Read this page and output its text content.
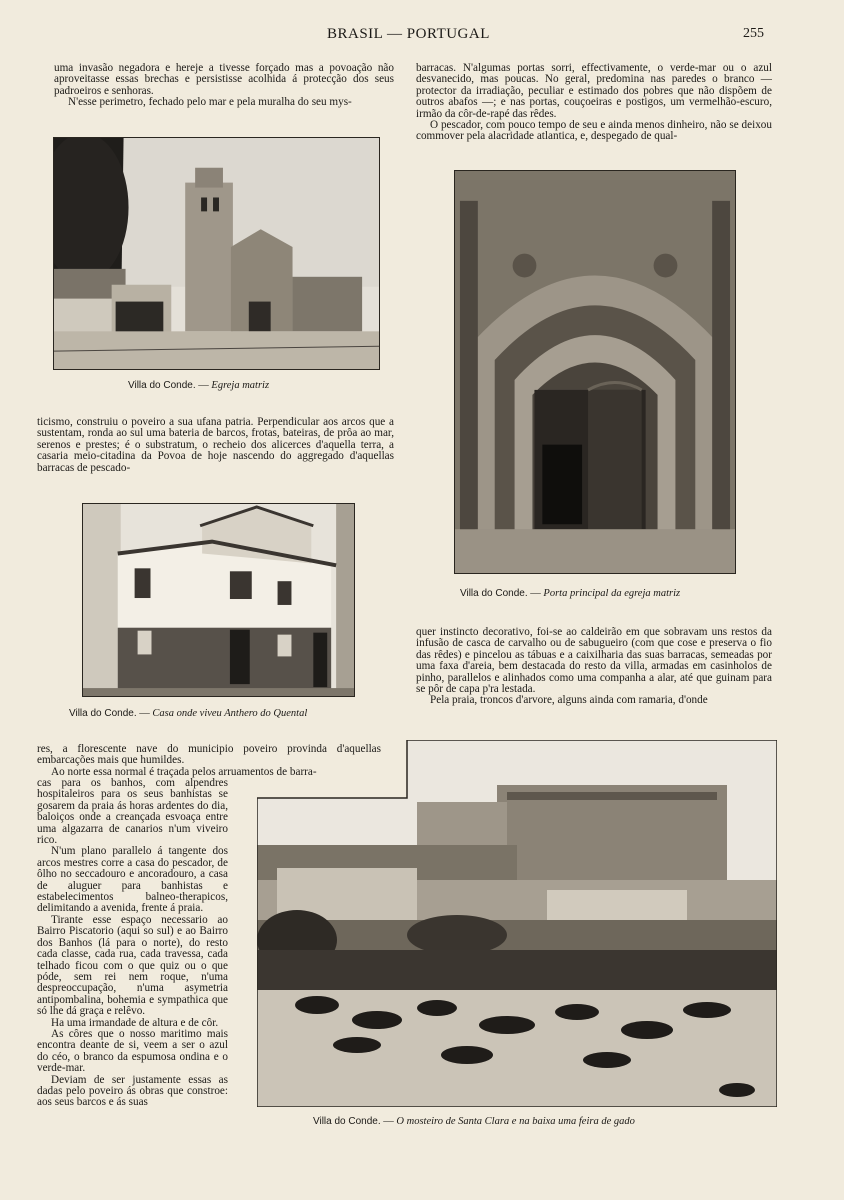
BRASIL — PORTUGAL	255

uma invasão negadora e hereje a tivesse forçado mas a povoação não aproveitasse essas brechas e persistisse acolhida á protecção dos seus padroeiros e senhoras.

N'esse perimetro, fechado pelo mar e pela muralha do seu mys-

Villa do Conde. — Egreja matriz

ticismo, construiu o poveiro a sua ufana patria. Perpendicular aos arcos que a sustentam, ronda ao sul uma bateria de barcos, frotas, bateiras, de prôa ao mar, serenos e prestes; é o substratum, o recheio dos alicerces d'aquella terra, a casaria meio-citadina da Povoa de hoje nascendo do aggregado d'aquellas barracas de pescado-

Villa do Conde. — Casa onde viveu Anthero do Quental

barracas. N'algumas portas sorri, effectivamente, o verde-mar ou o azul desvanecido, mas poucas. No geral, predomina nas paredes o branco — protector da irradiação, peculiar e estimado dos pobres que não dispõem de outros abafos —; e nas portas, couçoeiras e postigos, um vermelhão-escuro, irmão da côr-de-rapé das rêdes.

O pescador, com pouco tempo de seu e ainda menos dinheiro, não se deixou commover pela alacridade atlantica, e, despegado de qual-

Villa do Conde. — Porta principal da egreja matriz

quer instincto decorativo, foi-se ao caldeirão em que sobravam uns restos da infusão de casca de carvalho ou de sabugueiro (com que cose e preserva o fio das rêdes) e pincelou as tábuas e a caixilharia das suas barracas, semeadas por uma faxa d'areia, bem destacada do resto da villa, armadas em casinholos de pinho, parallelos e alinhados como uma companha a alar, até que guinam para se pôr de capa p'ra lestada.

Pela praia, troncos d'arvore, alguns ainda com ramaria, d'onde

res, a florescente nave do municipio poveiro provinda d'aquellas embarcações mais que humildes.

Ao norte essa normal é traçada pelos arruamentos de barra-

cas para os banhos, com alpendres hospitaleiros para os seus banhistas se gosarem da praia ás horas ardentes do dia, baloiços onde a creançada esvoaça entre uma algazarra de canarios n'um viveiro rico.

N'um plano parallelo á tangente dos arcos mestres corre a casa do pescador, de ôlho no seccadouro e ancoradouro, a casa de aluguer para banhistas e estabelecimentos balneo-therapicos, delimitando a avenida, frente á praia.

Tirante esse espaço necessario ao Bairro Piscatorio (aqui so sul) e ao Bairro dos Banhos (lá para o norte), do resto cada classe, cada rua, cada travessa, cada telhado ficou com o que quiz ou o que póde, sem rei nem roque, n'uma despreoccupação, n'uma asymetria antipombalina, bohemia e sympathica que só lhe dá graça e relêvo.

Ha uma irmandade de altura e de côr.

As côres que o nosso maritimo mais encontra deante de si, veem a ser o azul do céo, o branco da espumosa ondina e o verde-mar.

Deviam de ser justamente essas as dadas pelo poveiro ás obras que constroe: aos seus barcos e ás suas

Villa do Conde. — O mosteiro de Santa Clara e na baixa uma feira de gado
